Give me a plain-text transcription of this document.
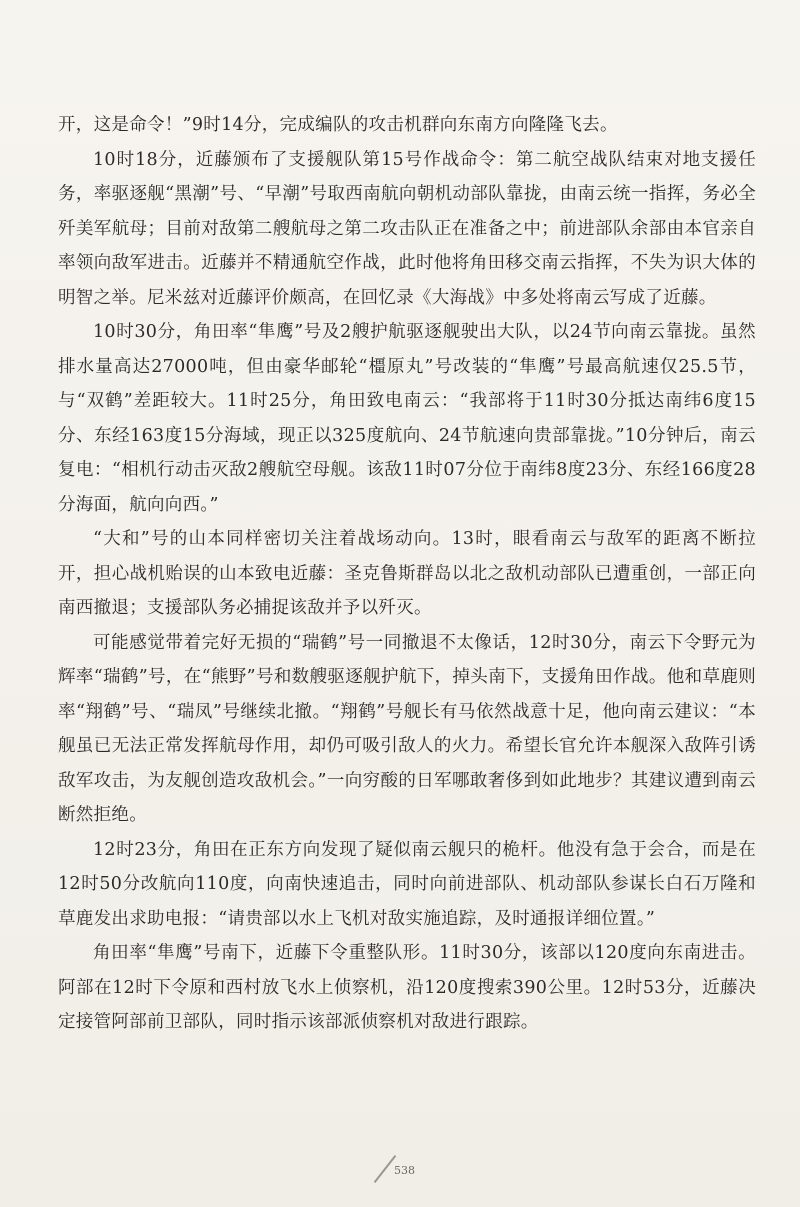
开，这是命令！”9时14分，完成编队的攻击机群向东南方向隆隆飞去。

10时18分，近藤颁布了支援舰队第15号作战命令：第二航空战队结束对地支援任务，率驱逐舰“黑潮”号、“早潮”号取西南航向朝机动部队靠拢，由南云统一指挥，务必全歼美军航母；目前对敌第二艘航母之第二攻击队正在准备之中；前进部队余部由本官亲自率领向敌军进击。近藤并不精通航空作战，此时他将角田移交南云指挥，不失为识大体的明智之举。尼米兹对近藤评价颇高，在回忆录《大海战》中多处将南云写成了近藤。

10时30分，角田率“隼鹰”号及2艘护航驱逐舰驶出大队，以24节向南云靠拢。虽然排水量高达27000吨，但由豪华邮轮“橿原丸”号改装的“隼鹰”号最高航速仅25.5节，与“双鹤”差距较大。11时25分，角田致电南云：“我部将于11时30分抵达南纬6度15分、东经163度15分海域，现正以325度航向、24节航速向贵部靠拢。”10分钟后，南云复电：“相机行动击灭敌2艘航空母舰。该敌11时07分位于南纬8度23分、东经166度28分海面，航向向西。”

“大和”号的山本同样密切关注着战场动向。13时，眼看南云与敌军的距离不断拉开，担心战机贻误的山本致电近藤：圣克鲁斯群岛以北之敌机动部队已遭重创，一部正向南西撤退；支援部队务必捕捉该敌并予以歼灭。

可能感觉带着完好无损的“瑞鹤”号一同撤退不太像话，12时30分，南云下令野元为辉率“瑞鹤”号，在“熊野”号和数艘驱逐舰护航下，掉头南下，支援角田作战。他和草鹿则率“翔鹤”号、“瑞凤”号继续北撤。“翔鹤”号舰长有马依然战意十足，他向南云建议：“本舰虽已无法正常发挥航母作用，却仍可吸引敌人的火力。希望长官允许本舰深入敌阵引诱敌军攻击，为友舰创造攻敌机会。”一向穷酸的日军哪敢奢侈到如此地步？其建议遭到南云断然拒绝。

12时23分，角田在正东方向发现了疑似南云舰只的桅杆。他没有急于会合，而是在12时50分改航向110度，向南快速追击，同时向前进部队、机动部队参谋长白石万隆和草鹿发出求助电报：“请贵部以水上飞机对敌实施追踪，及时通报详细位置。”

角田率“隼鹰”号南下，近藤下令重整队形。11时30分，该部以120度向东南进击。阿部在12时下令原和西村放飞水上侦察机，沿120度搜索390公里。12时53分，近藤决定接管阿部前卫部队，同时指示该部派侦察机对敌进行跟踪。

538
